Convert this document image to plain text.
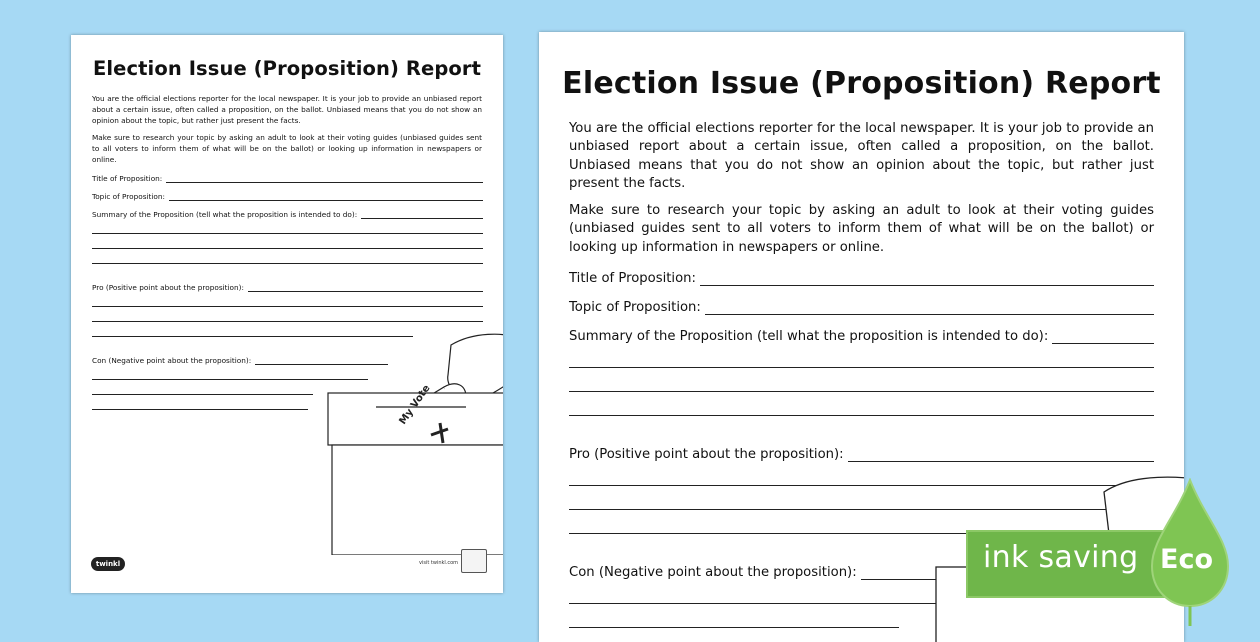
Election Issue (Proposition) Report

You are the official elections reporter for the local newspaper. It is your job to provide an unbiased report about a certain issue, often called a proposition, on the ballot. Unbiased means that you do not show an opinion about the topic, but rather just present the facts.

Make sure to research your topic by asking an adult to look at their voting guides (unbiased guides sent to all voters to inform them of what will be on the ballot) or looking up information in newspapers or online.

Title of Proposition:
Topic of Proposition:
Summary of the Proposition (tell what the proposition is intended to do):
Pro (Positive point about the proposition):
Con (Negative point about the proposition):
My Vote
twinkl	visit twinkl.com
Election Issue (Proposition) Report

You are the official elections reporter for the local newspaper. It is your job to provide an unbiased report about a certain issue, often called a proposition, on the ballot. Unbiased means that you do not show an opinion about the topic, but rather just present the facts.

Make sure to research your topic by asking an adult to look at their voting guides (unbiased guides sent to all voters to inform them of what will be on the ballot) or looking up information in newspapers or online.

Title of Proposition:
Topic of Proposition:
Summary of the Proposition (tell what the proposition is intended to do):
Pro (Positive point about the proposition):
Con (Negative point about the proposition):	ink saving Eco
